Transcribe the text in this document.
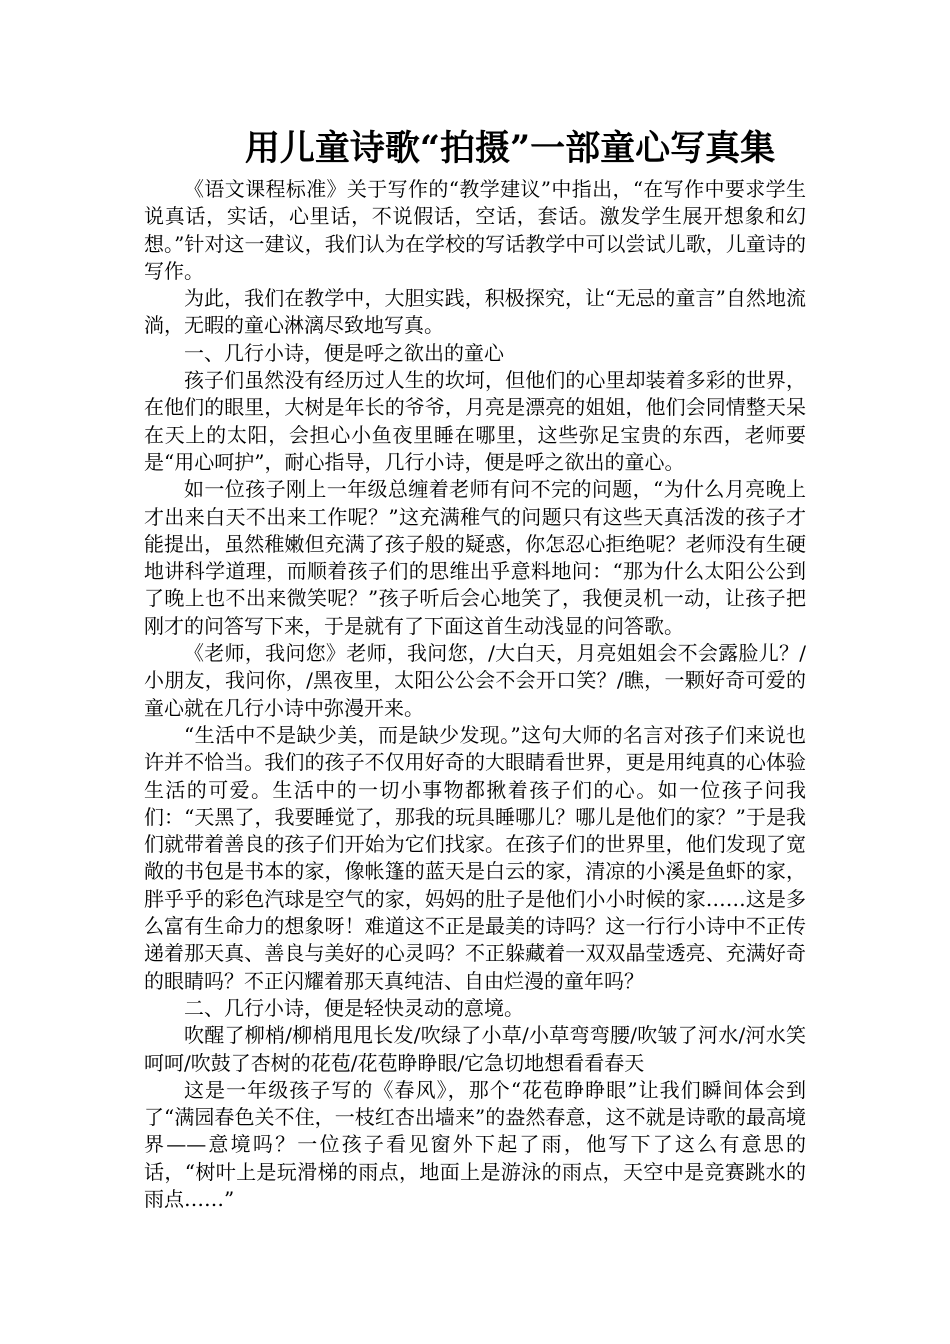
用儿童诗歌“拍摄”一部童心写真集

《语文课程标准》关于写作的“教学建议”中指出，“在写作中要求学生说真话，实话，心里话，不说假话，空话，套话。激发学生展开想象和幻想。”针对这一建议，我们认为在学校的写话教学中可以尝试儿歌，儿童诗的写作。

为此，我们在教学中，大胆实践，积极探究，让“无忌的童言”自然地流淌，无暇的童心淋漓尽致地写真。

一、几行小诗，便是呼之欲出的童心

孩子们虽然没有经历过人生的坎坷，但他们的心里却装着多彩的世界，在他们的眼里，大树是年长的爷爷，月亮是漂亮的姐姐，他们会同情整天呆在天上的太阳，会担心小鱼夜里睡在哪里，这些弥足宝贵的东西，老师要是“用心呵护”，耐心指导，几行小诗，便是呼之欲出的童心。

如一位孩子刚上一年级总缠着老师有问不完的问题，“为什么月亮晚上才出来白天不出来工作呢？”这充满稚气的问题只有这些天真活泼的孩子才能提出，虽然稚嫩但充满了孩子般的疑惑，你怎忍心拒绝呢？老师没有生硬地讲科学道理，而顺着孩子们的思维出乎意料地问：“那为什么太阳公公到了晚上也不出来微笑呢？”孩子听后会心地笑了，我便灵机一动，让孩子把刚才的问答写下来，于是就有了下面这首生动浅显的问答歌。

《老师，我问您》老师，我问您，/大白天，月亮姐姐会不会露脸儿？/小朋友，我问你，/黑夜里，太阳公公会不会开口笑？/瞧，一颗好奇可爱的童心就在几行小诗中弥漫开来。

“生活中不是缺少美，而是缺少发现。”这句大师的名言对孩子们来说也许并不恰当。我们的孩子不仅用好奇的大眼睛看世界，更是用纯真的心体验生活的可爱。生活中的一切小事物都揪着孩子们的心。如一位孩子问我们：“天黑了，我要睡觉了，那我的玩具睡哪儿？哪儿是他们的家？”于是我们就带着善良的孩子们开始为它们找家。在孩子们的世界里，他们发现了宽敞的书包是书本的家，像帐篷的蓝天是白云的家，清凉的小溪是鱼虾的家，胖乎乎的彩色汽球是空气的家，妈妈的肚子是他们小小时候的家……这是多么富有生命力的想象呀！难道这不正是最美的诗吗？这一行行小诗中不正传递着那天真、善良与美好的心灵吗？不正躲藏着一双双晶莹透亮、充满好奇的眼睛吗？不正闪耀着那天真纯洁、自由烂漫的童年吗？

二、几行小诗，便是轻快灵动的意境。

吹醒了柳梢/柳梢甩甩长发/吹绿了小草/小草弯弯腰/吹皱了河水/河水笑呵呵/吹鼓了杏树的花苞/花苞睁睁眼/它急切地想看看春天

这是一年级孩子写的《春风》，那个“花苞睁睁眼”让我们瞬间体会到了“满园春色关不住，一枝红杏出墙来”的盎然春意，这不就是诗歌的最高境界——意境吗？一位孩子看见窗外下起了雨，他写下了这么有意思的话，“树叶上是玩滑梯的雨点，地面上是游泳的雨点，天空中是竞赛跳水的雨点……”
